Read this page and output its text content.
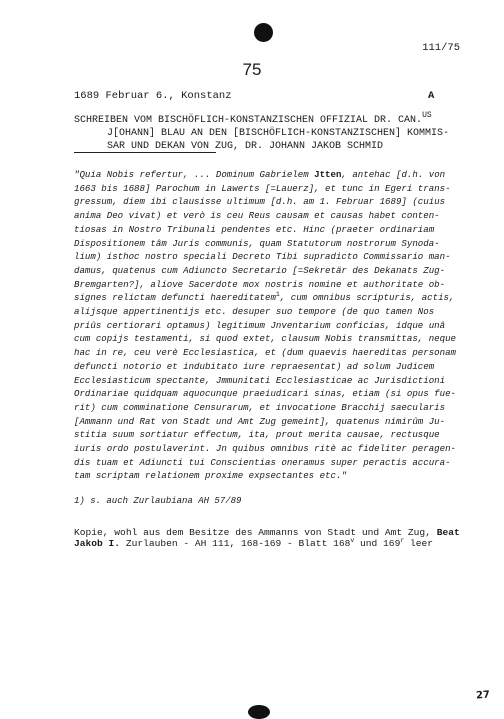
111/75
75
1689 Februar 6., Konstanz	A
SCHREIBEN VOM BISCHÖFLICH-KONSTANZISCHEN OFFIZIAL DR. CAN.$^{US}$
J[OHANN] BLAU AN DEN [BISCHÖFLICH-KONSTANZISCHEN] KOMMIS-
SAR UND DEKAN VON ZUG, DR. JOHANN JAKOB SCHMID
"Quia Nobis refertur, ... Dominum Gabrielem Jtten, antehac [d.h. von
1663 bis 1688] Parochum in Lawerts [=Lauerz], et tunc in Egeri trans-
gressum, diem ibi clausisse ultimum [d.h. am 1. Februar 1689] (cuius
anima Deo vivat) et verò is ceu Reus causam et causas habet conten-
tiosas in Nostro Tribunali pendentes etc. Hinc (praeter ordinariam
Dispositionem tâm Juris communis, quam Statutorum nostrorum Synoda-
lium) isthoc nostro speciali Decreto Tibi supradicto Commissario man-
damus, quatenus cum Adiuncto Secretario [=Sekretär des Dekanats Zug-
Bremgarten?], aliove Sacerdote mox nostris nomine et authoritate ob-
signes relictam defuncti haereditatem$^1$, cum omnibus scripturis, actis,
alijsque appertinentijs etc. desuper suo tempore (de quo tamen Nos
priûs certiorari optamus) legitimum Jnventarium conficias, idque unâ
cum copijs testamenti, si quod extet, clausum Nobis transmittas, neque
hac in re, ceu verè Ecclesiastica, et (dum quaevis haereditas personam
defuncti notorio et indubitato iure repraesentat) ad solum Judicem
Ecclesiasticum spectante, Jmmunitati Ecclesiasticae ac Jurisdictioni
Ordinariae quidquam aquocunque praeiudicari sinas, etiam (si opus fue-
rit) cum comminatione Censurarum, et invocatione Bracchij saecularis
[Ammann und Rat von Stadt und Amt Zug gemeint], quatenus nimirûm Ju-
stitia suum sortiatur effectum, ita, prout merita causae, rectusque
iuris ordo postulaverint. Jn quibus omnibus ritè ac fideliter peragen-
dis tuam et Adiuncti tui Conscientias oneramus super peractis accura-
tam scriptam relationem proxime expsectantes etc."
1) s. auch Zurlaubiana AH 57/89
Kopie, wohl aus dem Besitze des Ammanns von Stadt und Amt Zug, Beat
Jakob I. Zurlauben - AH 111, 168-169 - Blatt 168$^v$ und 169$^r$ leer
27
